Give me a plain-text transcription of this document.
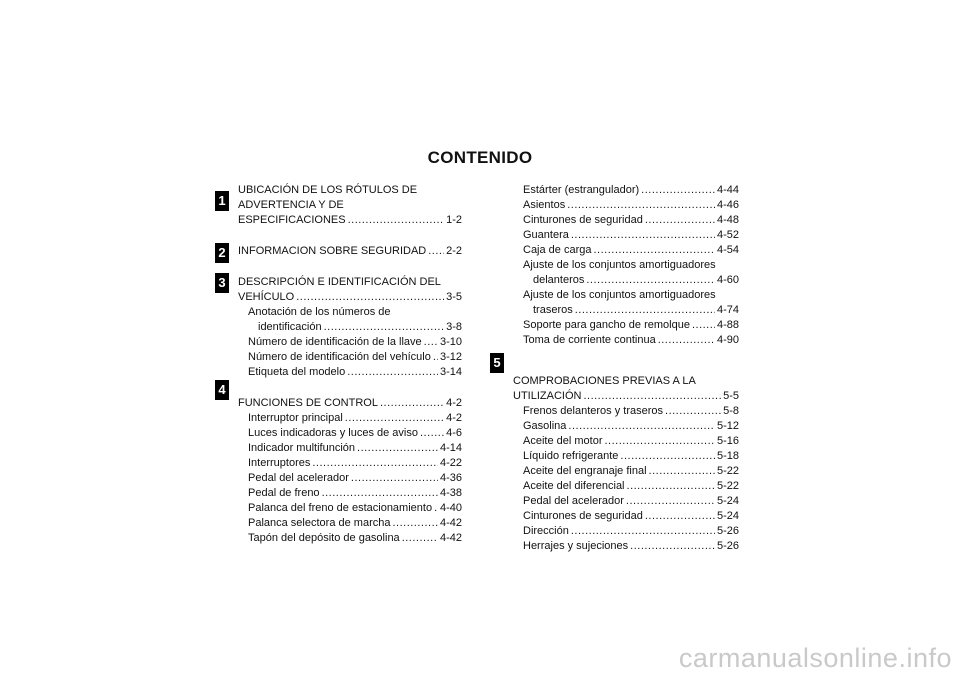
CONTENIDO
1
2
3
4
5
UBICACIÓN DE LOS RÓTULOS DE
ADVERTENCIA Y DE
ESPECIFICACIONES .....	1-2
INFORMACION SOBRE SEGURIDAD ..... 2-2
DESCRIPCIÓN E IDENTIFICACIÓN DEL
VEHÍCULO .....	3-5
Anotación de los números de
identificación .....	3-8
Número de identificación de la llave ..... 3-10
Número de identificación del vehículo ..... 3-12
Etiqueta del modelo .....	3-14
FUNCIONES DE CONTROL .....	4-2
Interruptor principal .....	4-2
Luces indicadoras y luces de aviso .....	4-6
Indicador multifunción .....	4-14
Interruptores .....	4-22
Pedal del acelerador .....	4-36
Pedal de freno .....	4-38
Palanca del freno de estacionamiento ..... 4-40
Palanca selectora de marcha .....	4-42
Tapón del depósito de gasolina .....	4-42
Estárter (estrangulador) .....	4-44
Asientos .....	4-46
Cinturones de seguridad .....	4-48
Guantera .....	4-52
Caja de carga .....	4-54
Ajuste de los conjuntos amortiguadores
delanteros .....	4-60
Ajuste de los conjuntos amortiguadores
traseros .....	4-74
Soporte para gancho de remolque ..... 4-88
Toma de corriente continua .....	4-90
COMPROBACIONES PREVIAS A LA
UTILIZACIÓN .....	5-5
Frenos delanteros y traseros .....	5-8
Gasolina .....	5-12
Aceite del motor .....	5-16
Líquido refrigerante .....	5-18
Aceite del engranaje final .....	5-22
Aceite del diferencial .....	5-22
Pedal del acelerador .....	5-24
Cinturones de seguridad .....	5-24
Dirección .....	5-26
Herrajes y sujeciones .....	5-26
carmanualsonline.info
